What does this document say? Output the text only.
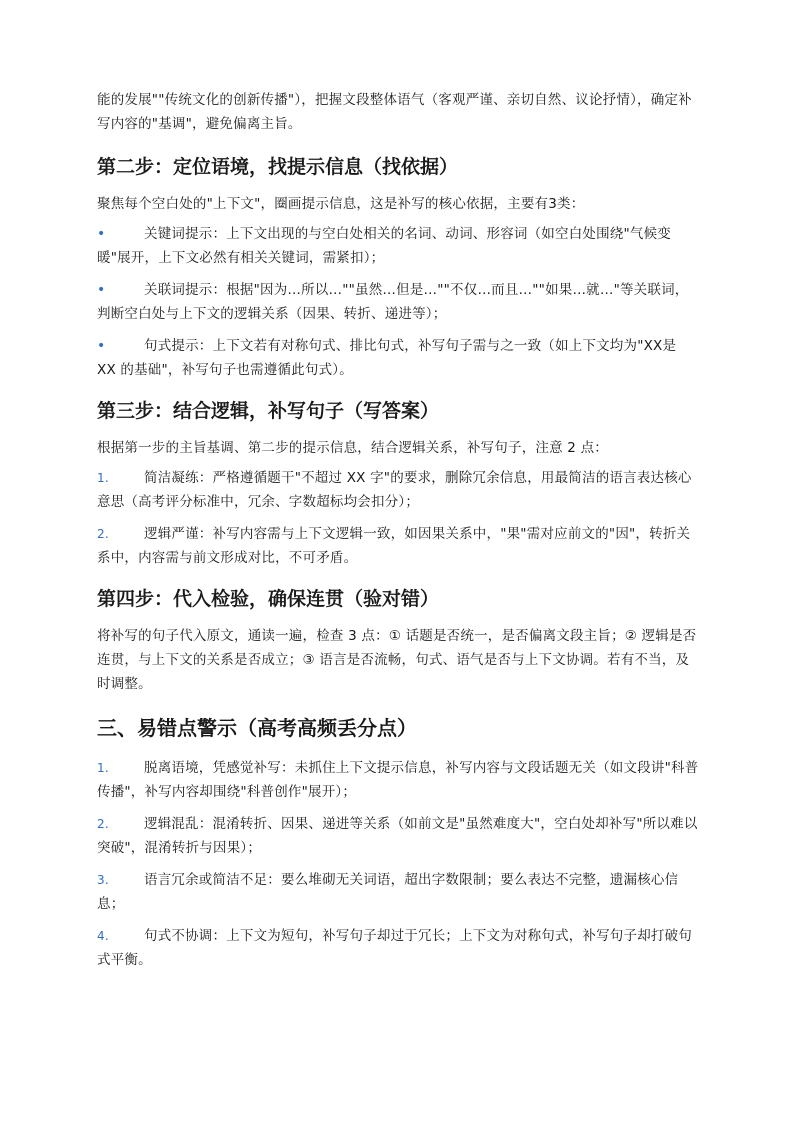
能的发展""传统文化的创新传播"），把握文段整体语气（客观严谨、亲切自然、议论抒情），确定补写内容的"基调"，避免偏离主旨。

第二步：定位语境，找提示信息（找依据）

聚焦每个空白处的"上下文"，圈画提示信息，这是补写的核心依据，主要有3类：

•	关键词提示：上下文出现的与空白处相关的名词、动词、形容词（如空白处围绕"气候变暖"展开，上下文必然有相关关键词，需紧扣）；
•	关联词提示：根据"因为…所以…""虽然…但是…""不仅…而且…""如果…就…"等关联词，判断空白处与上下文的逻辑关系（因果、转折、递进等）；
•	句式提示：上下文若有对称句式、排比句式，补写句子需与之一致（如上下文均为"XX是 XX 的基础"，补写句子也需遵循此句式）。
第三步：结合逻辑，补写句子（写答案）

根据第一步的主旨基调、第二步的提示信息，结合逻辑关系，补写句子，注意 2 点：

1.	简洁凝练：严格遵循题干"不超过 XX 字"的要求，删除冗余信息，用最简洁的语言表达核心意思（高考评分标准中，冗余、字数超标均会扣分）；
2.	逻辑严谨：补写内容需与上下文逻辑一致，如因果关系中，"果"需对应前文的"因"，转折关系中，内容需与前文形成对比，不可矛盾。
第四步：代入检验，确保连贯（验对错）

将补写的句子代入原文，通读一遍，检查 3 点：① 话题是否统一，是否偏离文段主旨；② 逻辑是否连贯，与上下文的关系是否成立；③ 语言是否流畅，句式、语气是否与上下文协调。若有不当，及时调整。

三、易错点警示（高考高频丢分点）
1.	脱离语境，凭感觉补写：未抓住上下文提示信息，补写内容与文段话题无关（如文段讲"科普传播"，补写内容却围绕"科普创作"展开）；
2.	逻辑混乱：混淆转折、因果、递进等关系（如前文是"虽然难度大"，空白处却补写"所以难以突破"，混淆转折与因果）；
3.	语言冗余或简洁不足：要么堆砌无关词语，超出字数限制；要么表达不完整，遗漏核心信息；
4.	句式不协调：上下文为短句，补写句子却过于冗长；上下文为对称句式，补写句子却打破句式平衡。
